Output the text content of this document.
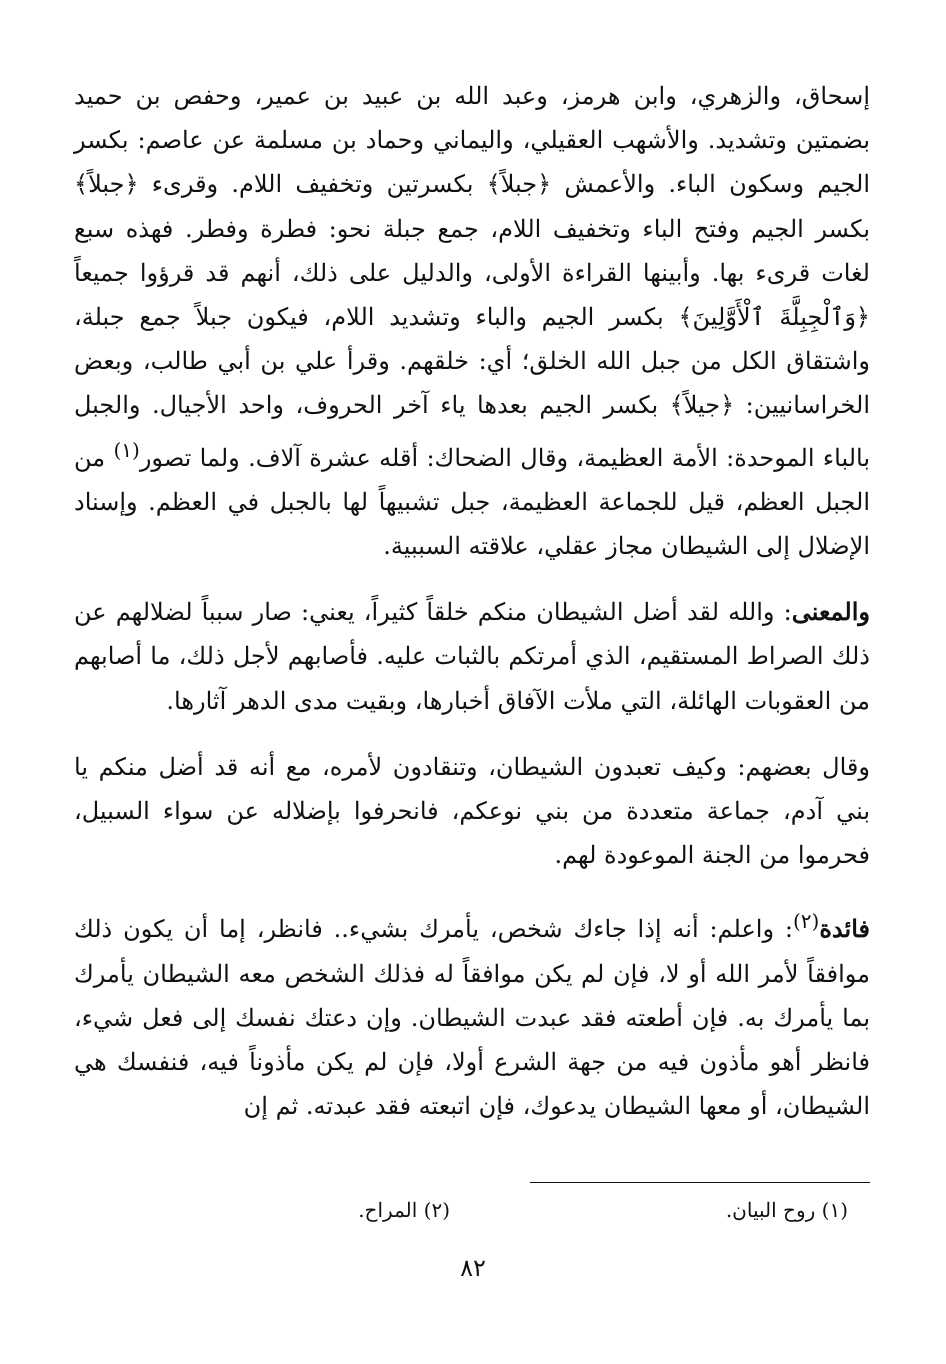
إسحاق، والزهري، وابن هرمز، وعبد الله بن عبيد بن عمير، وحفص بن حميد بضمتين وتشديد. والأشهب العقيلي، واليماني وحماد بن مسلمة عن عاصم: بكسر الجيم وسكون الباء. والأعمش ﴿جبلاً﴾ بكسرتين وتخفيف اللام. وقرىء ﴿جبلاً﴾ بكسر الجيم وفتح الباء وتخفيف اللام، جمع جبلة نحو: فطرة وفطر. فهذه سبع لغات قرىء بها. وأبينها القراءة الأولى، والدليل على ذلك، أنهم قد قرؤوا جميعاً ﴿وَٱلْجِبِلَّةَ ٱلْأَوَّلِينَ﴾ بكسر الجيم والباء وتشديد اللام، فيكون جبلاً جمع جبلة، واشتقاق الكل من جبل الله الخلق؛ أي: خلقهم. وقرأ علي بن أبي طالب، وبعض الخراسانيين: ﴿جيلاً﴾ بكسر الجيم بعدها ياء آخر الحروف، واحد الأجيال. والجبل بالباء الموحدة: الأمة العظيمة، وقال الضحاك: أقله عشرة آلاف. ولما تصور$^{(١)}$ من الجبل العظم، قيل للجماعة العظيمة، جبل تشبيهاً لها بالجبل في العظم. وإسناد الإضلال إلى الشيطان مجاز عقلي، علاقته السببية.

والمعنى: والله لقد أضل الشيطان منكم خلقاً كثيراً، يعني: صار سبباً لضلالهم عن ذلك الصراط المستقيم، الذي أمرتكم بالثبات عليه. فأصابهم لأجل ذلك، ما أصابهم من العقوبات الهائلة، التي ملأت الآفاق أخبارها، وبقيت مدى الدهر آثارها.

وقال بعضهم: وكيف تعبدون الشيطان، وتنقادون لأمره، مع أنه قد أضل منكم يا بني آدم، جماعة متعددة من بني نوعكم، فانحرفوا بإضلاله عن سواء السبيل، فحرموا من الجنة الموعودة لهم.

فائدة$^{(٢)}$: واعلم: أنه إذا جاءك شخص، يأمرك بشيء.. فانظر، إما أن يكون ذلك موافقاً لأمر الله أو لا، فإن لم يكن موافقاً له فذلك الشخص معه الشيطان يأمرك بما يأمرك به. فإن أطعته فقد عبدت الشيطان. وإن دعتك نفسك إلى فعل شيء، فانظر أهو مأذون فيه من جهة الشرع أولا، فإن لم يكن مأذوناً فيه، فنفسك هي الشيطان، أو معها الشيطان يدعوك، فإن اتبعته فقد عبدته. ثم إن

(١) روح البيان.
(٢) المراح.
٨٢
